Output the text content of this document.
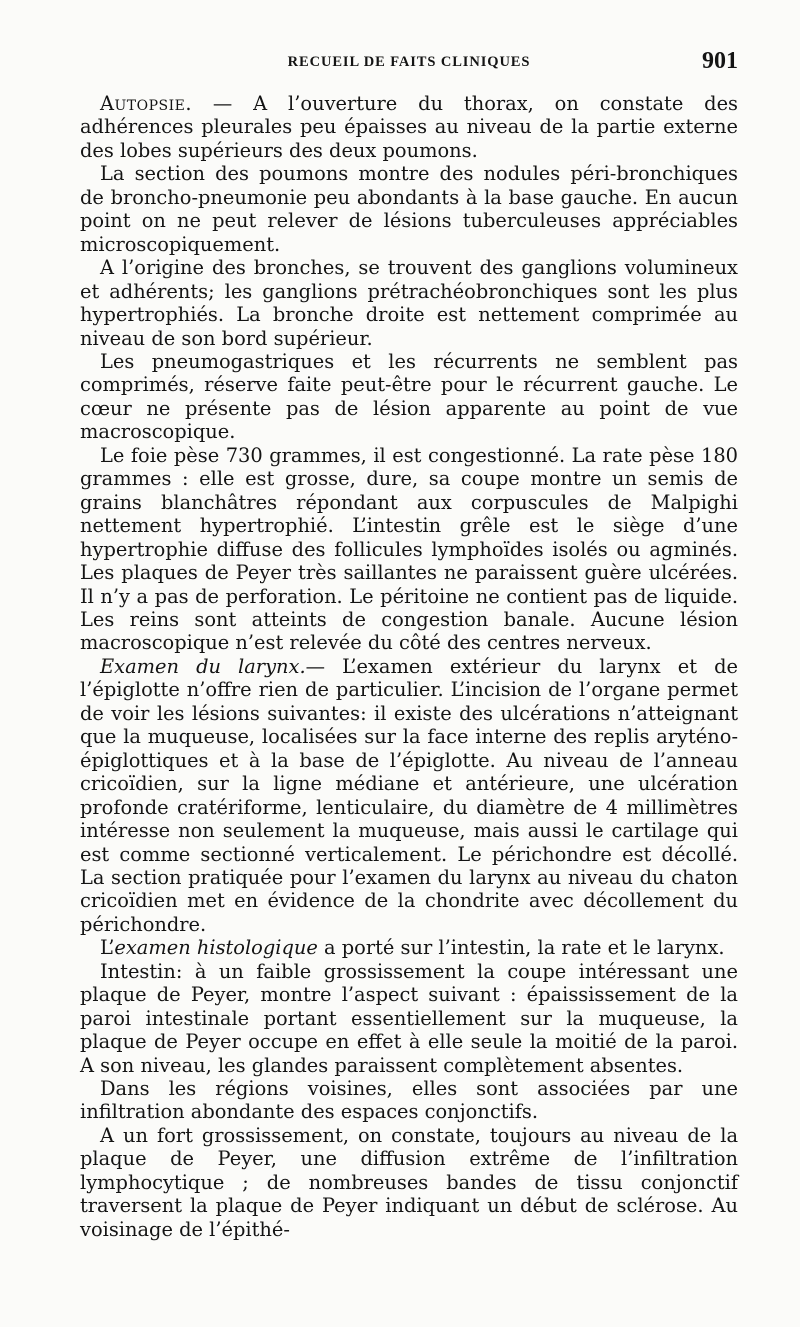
RECUEIL DE FAITS CLINIQUES	901

Autopsie. — A l’ouverture du thorax, on constate des adhérences pleurales peu épaisses au niveau de la partie externe des lobes supérieurs des deux poumons.

La section des poumons montre des nodules péri-bronchiques de broncho-pneumonie peu abondants à la base gauche. En aucun point on ne peut relever de lésions tuberculeuses appréciables microscopiquement.

A l’origine des bronches, se trouvent des ganglions volumineux et adhérents; les ganglions prétrachéobronchiques sont les plus hypertrophiés. La bronche droite est nettement comprimée au niveau de son bord supérieur.

Les pneumogastriques et les récurrents ne semblent pas comprimés, réserve faite peut-être pour le récurrent gauche. Le cœur ne présente pas de lésion apparente au point de vue macroscopique.

Le foie pèse 730 grammes, il est congestionné. La rate pèse 180 grammes : elle est grosse, dure, sa coupe montre un semis de grains blanchâtres répondant aux corpuscules de Malpighi nettement hypertrophié. L’intestin grêle est le siège d’une hypertrophie diffuse des follicules lymphoïdes isolés ou agminés. Les plaques de Peyer très saillantes ne paraissent guère ulcérées. Il n’y a pas de perforation. Le péritoine ne contient pas de liquide. Les reins sont atteints de congestion banale. Aucune lésion macroscopique n’est relevée du côté des centres nerveux.

Examen du larynx.— L’examen extérieur du larynx et de l’épiglotte n’offre rien de particulier. L’incision de l’organe permet de voir les lésions suivantes: il existe des ulcérations n’atteignant que la muqueuse, localisées sur la face interne des replis aryténo-épiglottiques et à la base de l’épiglotte. Au niveau de l’anneau cricoïdien, sur la ligne médiane et antérieure, une ulcération profonde cratériforme, lenticulaire, du diamètre de 4 millimètres intéresse non seulement la muqueuse, mais aussi le cartilage qui est comme sectionné verticalement. Le périchondre est décollé. La section pratiquée pour l’examen du larynx au niveau du chaton cricoïdien met en évidence de la chondrite avec décollement du périchondre.

L’examen histologique a porté sur l’intestin, la rate et le larynx.

Intestin: à un faible grossissement la coupe intéressant une plaque de Peyer, montre l’aspect suivant : épaississement de la paroi intestinale portant essentiellement sur la muqueuse, la plaque de Peyer occupe en effet à elle seule la moitié de la paroi. A son niveau, les glandes paraissent complètement absentes.

Dans les régions voisines, elles sont associées par une infiltration abondante des espaces conjonctifs.

A un fort grossissement, on constate, toujours au niveau de la plaque de Peyer, une diffusion extrême de l’infiltration lymphocytique ; de nombreuses bandes de tissu conjonctif traversent la plaque de Peyer indiquant un début de sclérose. Au voisinage de l’épithé-
